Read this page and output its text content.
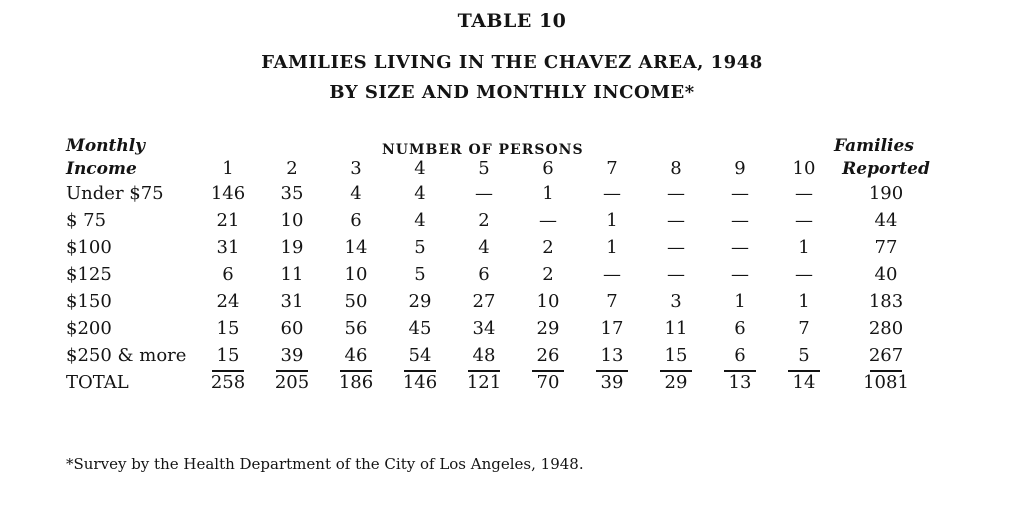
TABLE 10
FAMILIES LIVING IN THE CHAVEZ AREA, 1948
BY SIZE AND MONTHLY INCOME*
Monthly	NUMBER OF PERSONS	Families
Income	1	2	3	4	5	6	7	8	9	10	Reported
Under $75	146	35	4	4	—	1	—	—	—	—	190
$ 75	21	10	6	4	2	—	1	—	—	—	44
$100	31	19	14	5	4	2	1	—	—	1	77
$125	6	11	10	5	6	2	—	—	—	—	40
$150	24	31	50	29	27	10	7	3	1	1	183
$200	15	60	56	45	34	29	17	11	6	7	280
$250 & more	15	39	46	54	48	26	13	15	6	5	267
TOTAL	258	205	186	146	121	70	39	29	13	14	1081
*Survey by the Health Department of the City of Los Angeles, 1948.
